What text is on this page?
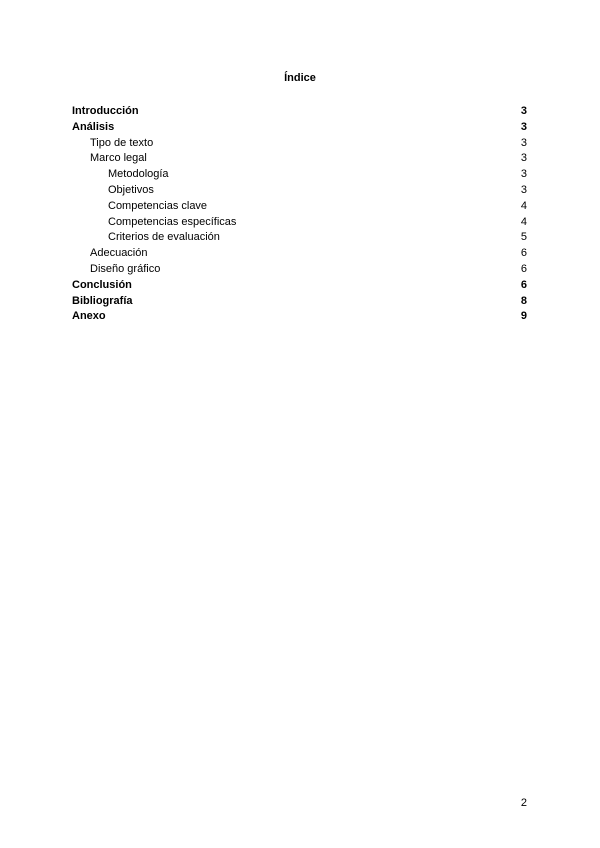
Índice
Introducción	3
Análisis	3
Tipo de texto	3
Marco legal	3
Metodología	3
Objetivos	3
Competencias clave	4
Competencias específicas	4
Criterios de evaluación	5
Adecuación	6
Diseño gráfico	6
Conclusión	6
Bibliografía	8
Anexo	9
2
